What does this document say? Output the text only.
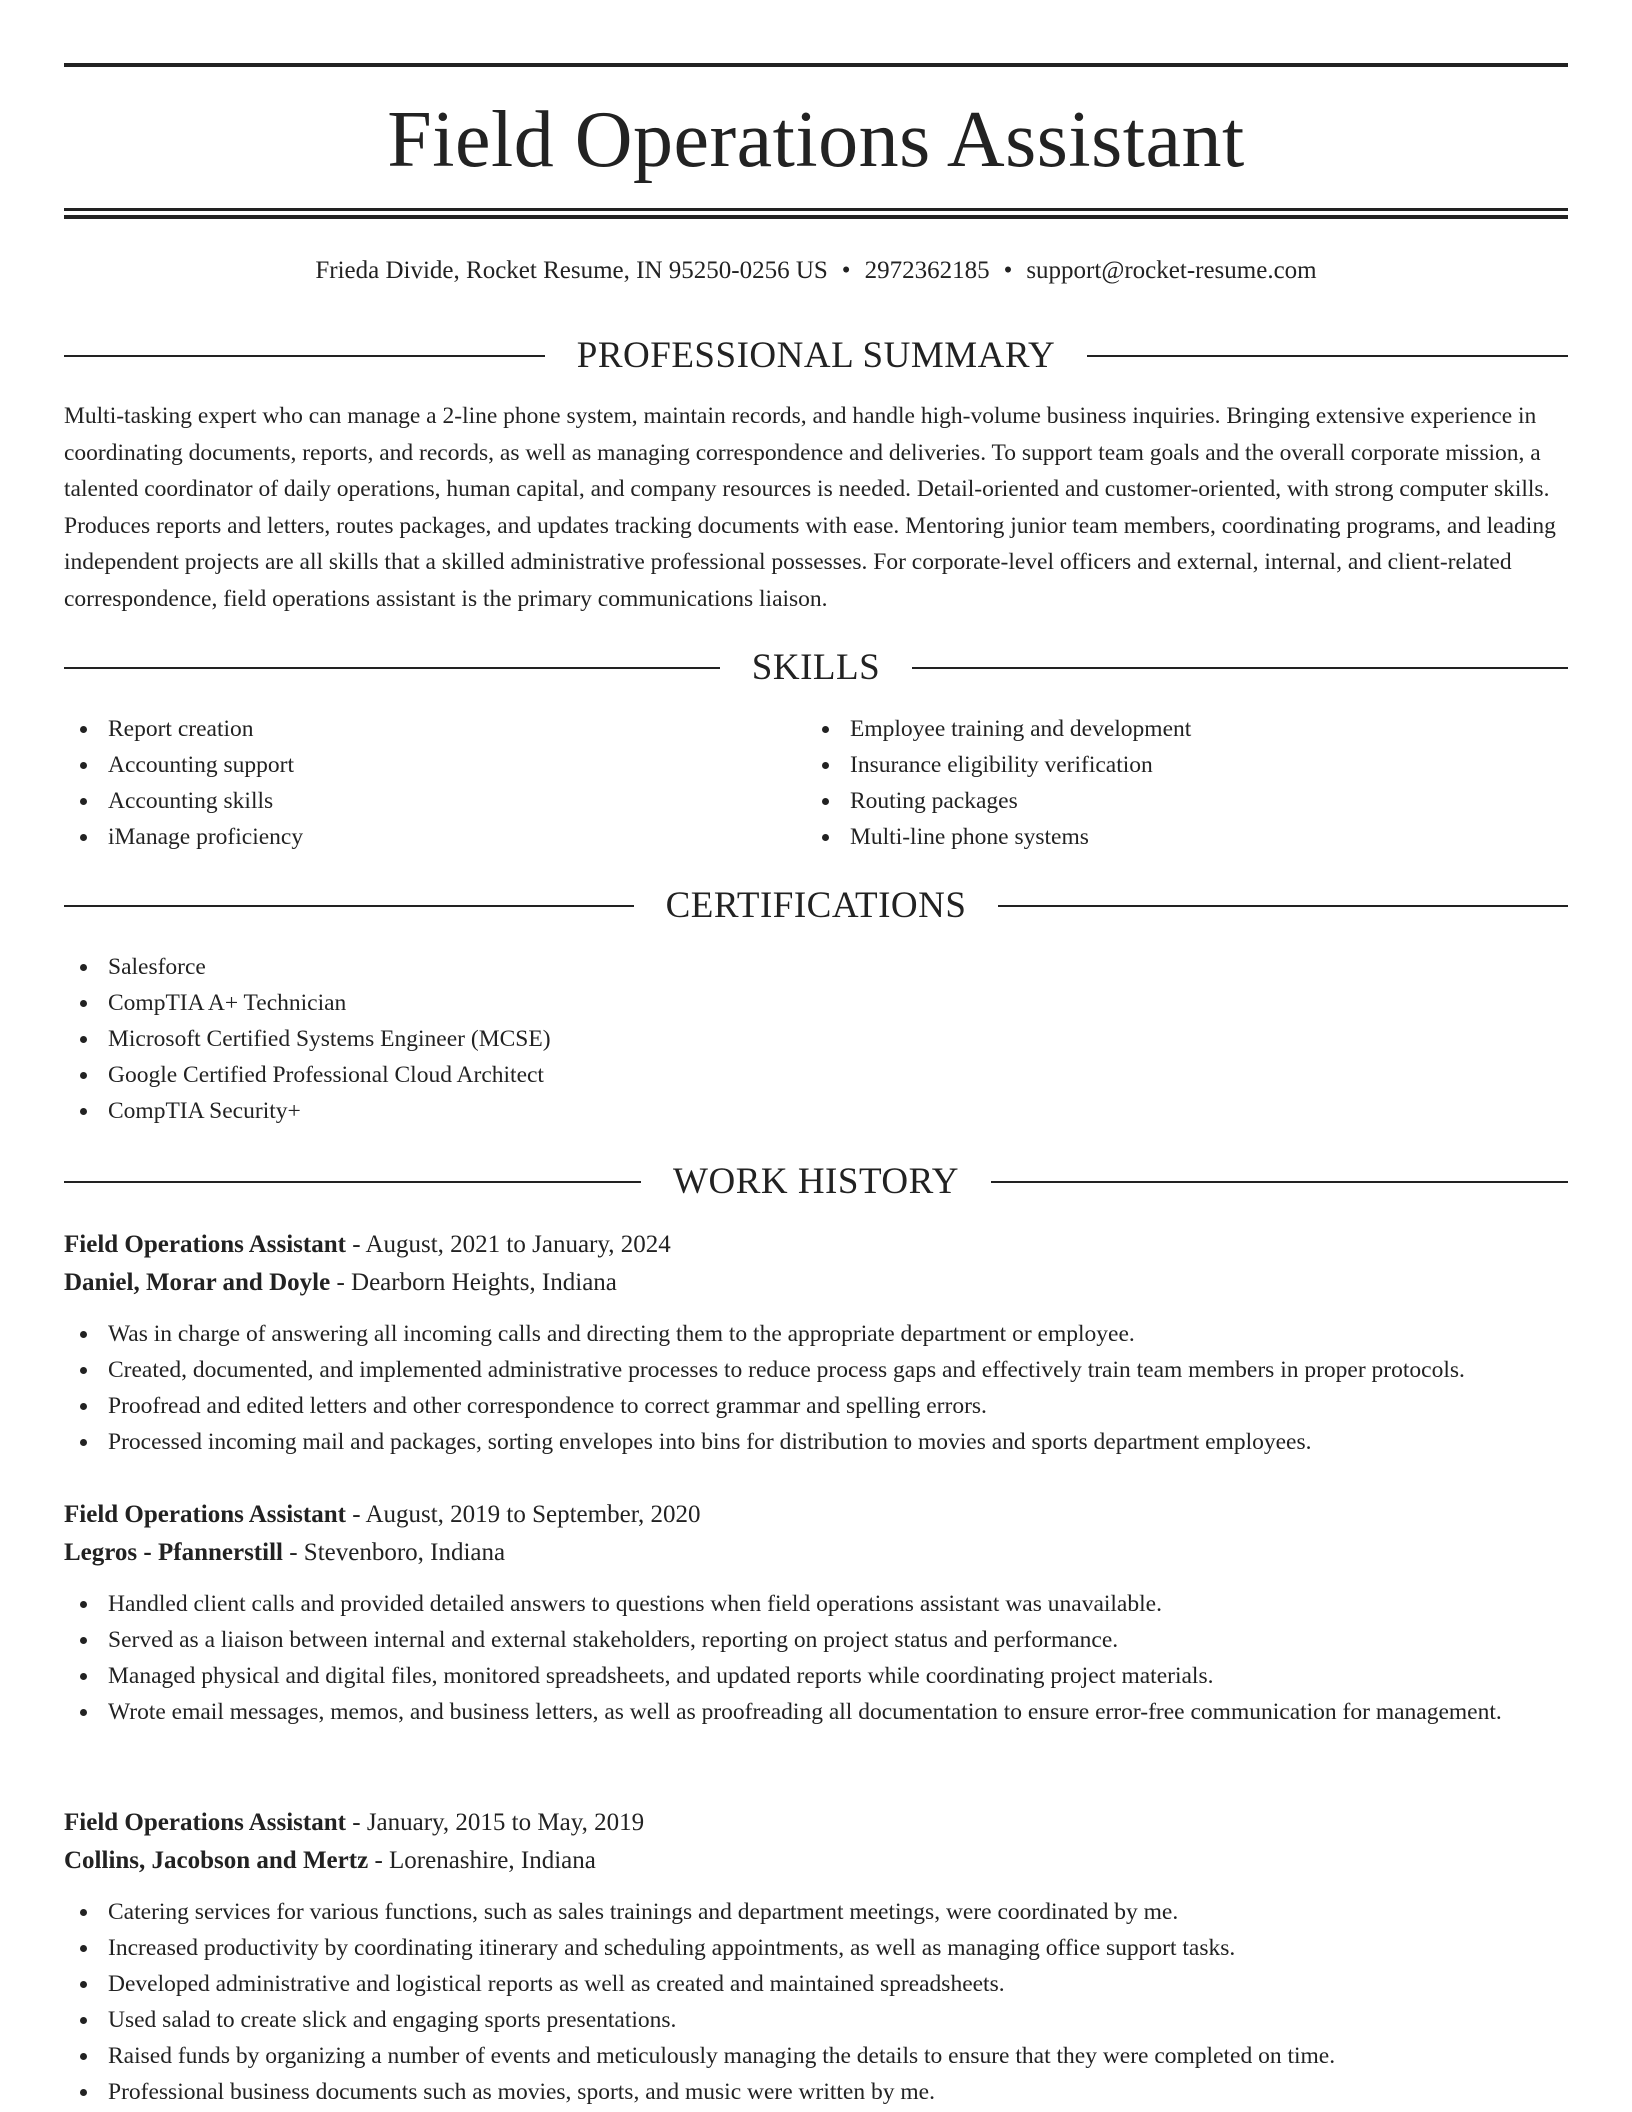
Field Operations Assistant
Frieda Divide, Rocket Resume, IN 95250-0256 US • 2972362185 • support@rocket-resume.com
PROFESSIONAL SUMMARY

Multi-tasking expert who can manage a 2-line phone system, maintain records, and handle high-volume business inquiries. Bringing extensive experience in coordinating documents, reports, and records, as well as managing correspondence and deliveries. To support team goals and the overall corporate mission, a talented coordinator of daily operations, human capital, and company resources is needed. Detail-oriented and customer-oriented, with strong computer skills. Produces reports and letters, routes packages, and updates tracking documents with ease. Mentoring junior team members, coordinating programs, and leading independent projects are all skills that a skilled administrative professional possesses. For corporate-level officers and external, internal, and client-related correspondence, field operations assistant is the primary communications liaison.

SKILLS
Report creation
Accounting support
Accounting skills
iManage proficiency
Employee training and development
Insurance eligibility verification
Routing packages
Multi-line phone systems
CERTIFICATIONS
Salesforce
CompTIA A+ Technician
Microsoft Certified Systems Engineer (MCSE)
Google Certified Professional Cloud Architect
CompTIA Security+
WORK HISTORY
Field Operations Assistant - August, 2021 to January, 2024
Daniel, Morar and Doyle - Dearborn Heights, Indiana
Was in charge of answering all incoming calls and directing them to the appropriate department or employee.
Created, documented, and implemented administrative processes to reduce process gaps and effectively train team members in proper protocols.
Proofread and edited letters and other correspondence to correct grammar and spelling errors.
Processed incoming mail and packages, sorting envelopes into bins for distribution to movies and sports department employees.
Field Operations Assistant - August, 2019 to September, 2020
Legros - Pfannerstill - Stevenboro, Indiana
Handled client calls and provided detailed answers to questions when field operations assistant was unavailable.
Served as a liaison between internal and external stakeholders, reporting on project status and performance.
Managed physical and digital files, monitored spreadsheets, and updated reports while coordinating project materials.
Wrote email messages, memos, and business letters, as well as proofreading all documentation to ensure error-free communication for management.
Field Operations Assistant - January, 2015 to May, 2019
Collins, Jacobson and Mertz - Lorenashire, Indiana
Catering services for various functions, such as sales trainings and department meetings, were coordinated by me.
Increased productivity by coordinating itinerary and scheduling appointments, as well as managing office support tasks.
Developed administrative and logistical reports as well as created and maintained spreadsheets.
Used salad to create slick and engaging sports presentations.
Raised funds by organizing a number of events and meticulously managing the details to ensure that they were completed on time.
Professional business documents such as movies, sports, and music were written by me.
